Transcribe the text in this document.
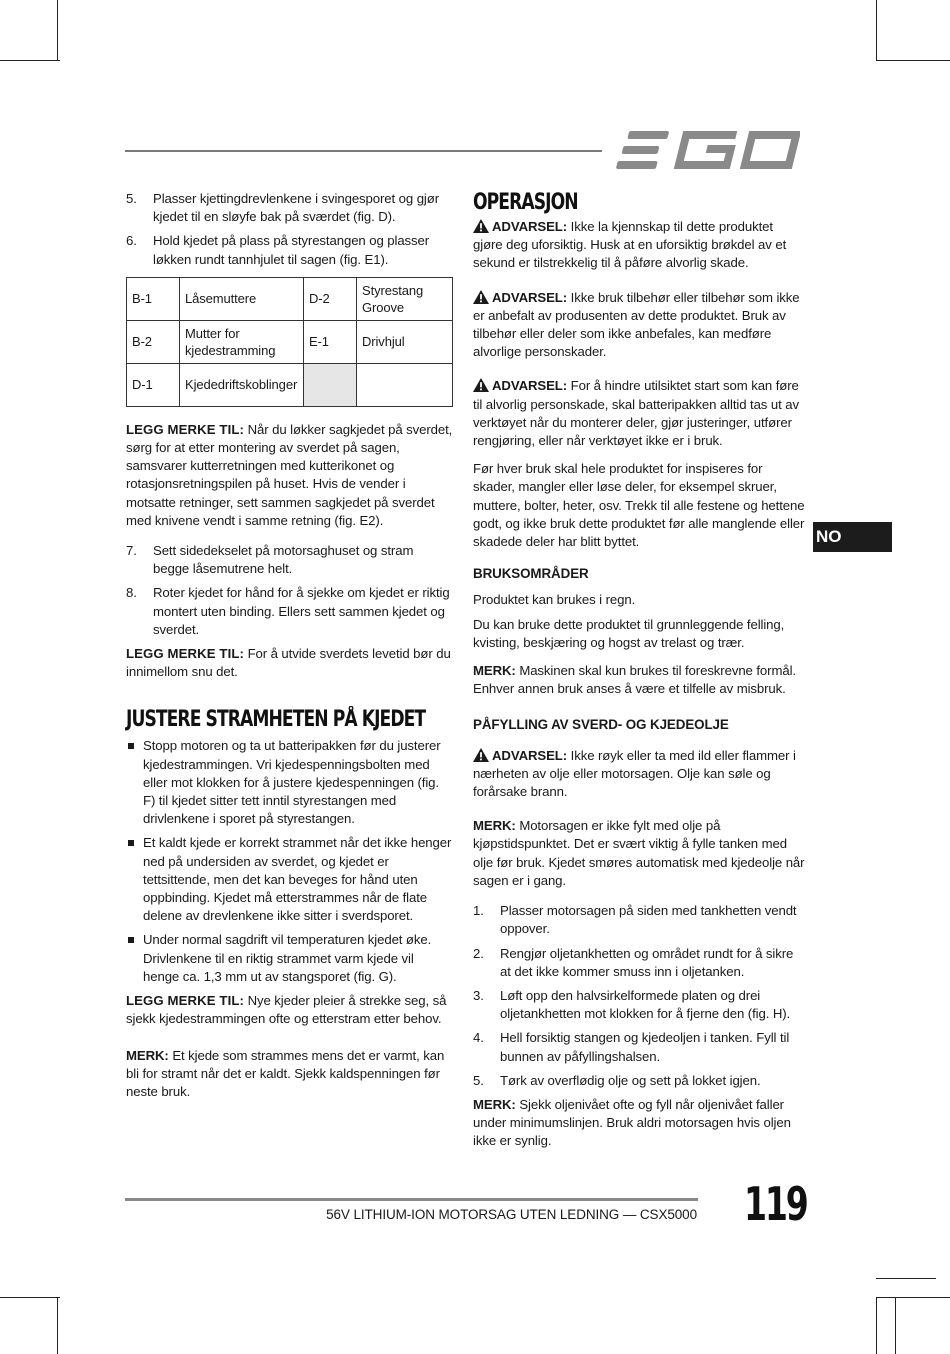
5. Plasser kjettingdrevlenkene i svingesporet og gjør kjedet til en sløyfe bak på sværdet (fig. D).
6. Hold kjedet på plass på styrestangen og plasser løkken rundt tannhjulet til sagen (fig. E1).
B-1	Låsemuttere	D-2	Styrestang Groove
B-2	Mutter for kjedestramming	E-1	Drivhjul
D-1	Kjededriftskoblinger		

LEGG MERKE TIL: Når du løkker sagkjedet på sverdet, sørg for at etter montering av sverdet på sagen, samsvarer kutterretningen med kutterikonet og rotasjonsretningspilen på huset. Hvis de vender i motsatte retninger, sett sammen sagkjedet på sverdet med knivene vendt i samme retning (fig. E2).

7. Sett sidedekselet på motorsaghuset og stram begge låsemutrene helt.
8. Roter kjedet for hånd for å sjekke om kjedet er riktig montert uten binding. Ellers sett sammen kjedet og sverdet.

LEGG MERKE TIL: For å utvide sverdets levetid bør du innimellom snu det.

JUSTERE STRAMHETEN PÅ KJEDET
Stopp motoren og ta ut batteripakken før du justerer kjedestrammingen. Vri kjedespenningsbolten med eller mot klokken for å justere kjedespenningen (fig. F) til kjedet sitter tett inntil styrestangen med drivlenkene i sporet på styrestangen.
Et kaldt kjede er korrekt strammet når det ikke henger ned på undersiden av sverdet, og kjedet er tettsittende, men det kan beveges for hånd uten oppbinding. Kjedet må etterstrammes når de flate delene av drevlenkene ikke sitter i sverdsporet.
Under normal sagdrift vil temperaturen kjedet øke. Drivlenkene til en riktig strammet varm kjede vil henge ca. 1,3 mm ut av stangsporet (fig. G).

LEGG MERKE TIL: Nye kjeder pleier å strekke seg, så sjekk kjedestrammingen ofte og etterstram etter behov.

MERK: Et kjede som strammes mens det er varmt, kan bli for stramt når det er kaldt. Sjekk kaldspenningen før neste bruk.

OPERASJON

ADVARSEL: Ikke la kjennskap til dette produktet gjøre deg uforsiktig. Husk at en uforsiktig brøkdel av et sekund er tilstrekkelig til å påføre alvorlig skade.

ADVARSEL: Ikke bruk tilbehør eller tilbehør som ikke er anbefalt av produsenten av dette produktet. Bruk av tilbehør eller deler som ikke anbefales, kan medføre alvorlige personskader.

ADVARSEL: For å hindre utilsiktet start som kan føre til alvorlig personskade, skal batteripakken alltid tas ut av verktøyet når du monterer deler, gjør justeringer, utfører rengjøring, eller når verktøyet ikke er i bruk.

Før hver bruk skal hele produktet for inspiseres for skader, mangler eller løse deler, for eksempel skruer, muttere, bolter, heter, osv. Trekk til alle festene og hettene godt, og ikke bruk dette produktet før alle manglende eller skadede deler har blitt byttet.

BRUKSOMRÅDER

Produktet kan brukes i regn.

Du kan bruke dette produktet til grunnleggende felling, kvisting, beskjæring og hogst av trelast og trær.

MERK: Maskinen skal kun brukes til foreskrevne formål. Enhver annen bruk anses å være et tilfelle av misbruk.

PÅFYLLING AV SVERD- OG KJEDEOLJE

ADVARSEL: Ikke røyk eller ta med ild eller flammer i nærheten av olje eller motorsagen. Olje kan søle og forårsake brann.

MERK: Motorsagen er ikke fylt med olje på kjøpstidspunktet. Det er svært viktig å fylle tanken med olje før bruk. Kjedet smøres automatisk med kjedeolje når sagen er i gang.

1. Plasser motorsagen på siden med tankhetten vendt oppover.
2. Rengjør oljetankhetten og området rundt for å sikre at det ikke kommer smuss inn i oljetanken.
3. Løft opp den halvsirkelformede platen og drei oljetankhetten mot klokken for å fjerne den (fig. H).
4. Hell forsiktig stangen og kjedeoljen i tanken. Fyll til bunnen av påfyllingshalsen.
5. Tørk av overflødig olje og sett på lokket igjen.

MERK: Sjekk oljenivået ofte og fyll når oljenivået faller under minimumslinjen. Bruk aldri motorsagen hvis oljen ikke er synlig.

NO
56V LITHIUM-ION MOTORSAG UTEN LEDNING — CSX5000 119
